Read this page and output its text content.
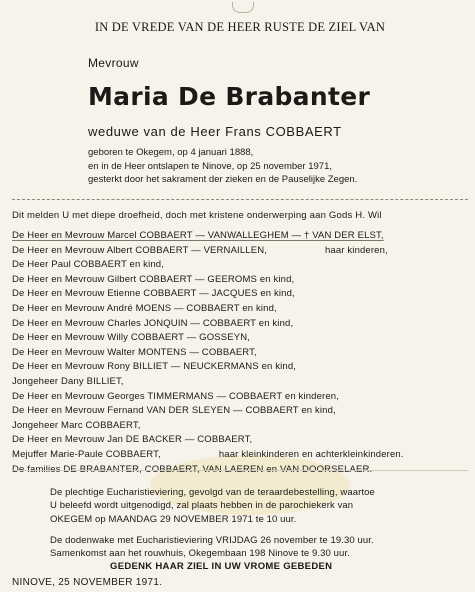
IN DE VREDE VAN DE HEER RUSTE DE ZIEL VAN
Mevrouw
Maria De Brabanter
weduwe van de Heer Frans COBBAERT
geboren te Okegem, op 4 januari 1888,
en in de Heer ontslapen te Ninove, op 25 november 1971,
gesterkt door het sakrament der zieken en de Pauselijke Zegen.
Dit melden U met diepe droefheid, doch met kristene onderwerping aan Gods H. Wil
De Heer en Mevrouw Marcel COBBAERT — VANWALLEGHEM — † VAN DER ELST,
De Heer en Mevrouw Albert COBBAERT — VERNAILLEN,	haar kinderen,
De Heer Paul COBBAERT en kind,
De Heer en Mevrouw Gilbert COBBAERT — GEEROMS en kind,
De Heer en Mevrouw Etienne COBBAERT — JACQUES en kind,
De Heer en Mevrouw André MOENS — COBBAERT en kind,
De Heer en Mevrouw Charles JONQUIN — COBBAERT en kind,
De Heer en Mevrouw Willy COBBAERT — GOSSEYN,
De Heer en Mevrouw Walter MONTENS — COBBAERT,
De Heer en Mevrouw Rony BILLIET — NEUCKERMANS en kind,
Jongeheer Dany BILLIET,
De Heer en Mevrouw Georges TIMMERMANS — COBBAERT en kinderen,
De Heer en Mevrouw Fernand VAN DER SLEYEN — COBBAERT en kind,
Jongeheer Marc COBBAERT,
De Heer en Mevrouw Jan DE BACKER — COBBAERT,
Mejuffer Marie-Paule COBBAERT,	haar kleinkinderen en achterkleinkinderen.
De families DE BRABANTER, COBBAERT, VAN LAEREN en VAN DOORSELAER.
De plechtige Eucharistieviering, gevolgd van de teraardebestelling, waartoe
U beleefd wordt uitgenodigd, zal plaats hebben in de parochiekerk van
OKEGEM op MAANDAG 29 NOVEMBER 1971 te 10 uur.
De dodenwake met Eucharistieviering VRIJDAG 26 november te 19.30 uur.
Samenkomst aan het rouwhuis, Okegembaan 198 Ninove te 9.30 uur.
GEDENK HAAR ZIEL IN UW VROME GEBEDEN
NINOVE, 25 NOVEMBER 1971.
